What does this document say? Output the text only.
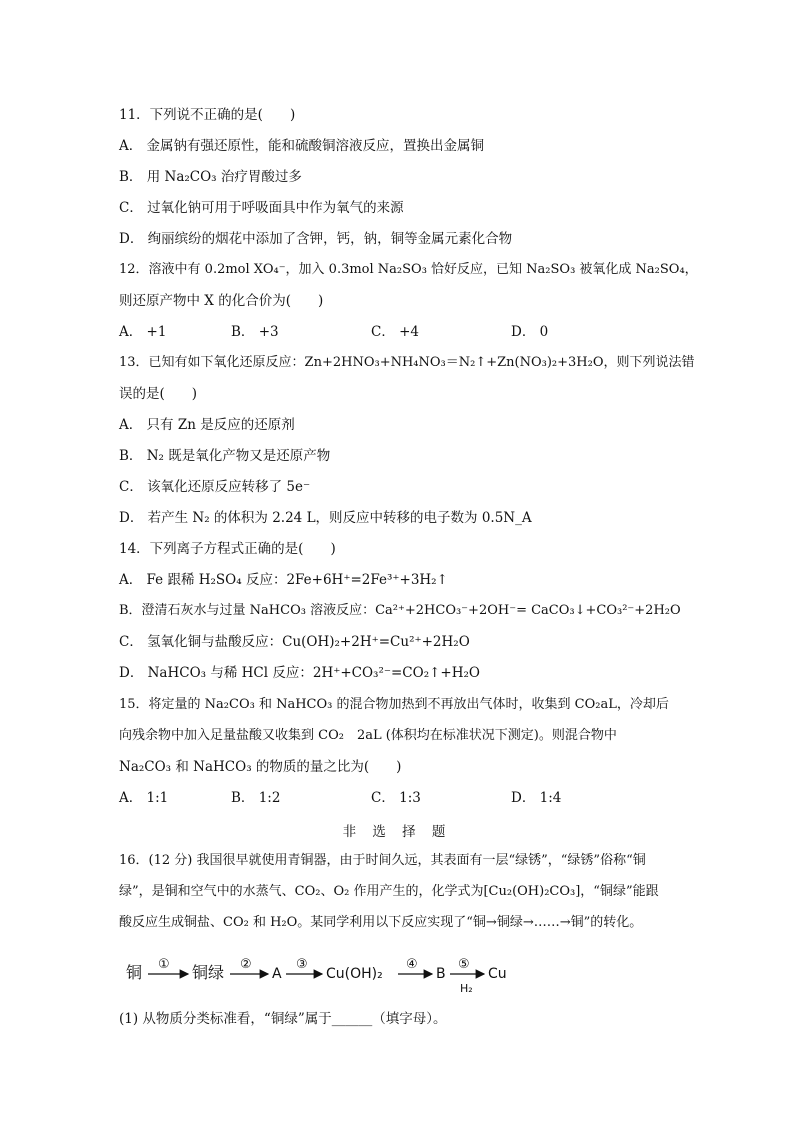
11．下列说不正确的是(　　)
A． 金属钠有强还原性，能和硫酸铜溶液反应，置换出金属铜
B． 用 Na₂CO₃ 治疗胃酸过多
C． 过氧化钠可用于呼吸面具中作为氧气的来源
D． 绚丽缤纷的烟花中添加了含钾，钙，钠，铜等金属元素化合物
12．溶液中有 0.2mol XO₄⁻，加入 0.3mol Na₂SO₃ 恰好反应，已知 Na₂SO₃ 被氧化成 Na₂SO₄，
则还原产物中 X 的化合价为(　　)
A． +1	B． +3	C． +4	D． 0
13．已知有如下氧化还原反应：Zn+2HNO₃+NH₄NO₃＝N₂↑+Zn(NO₃)₂+3H₂O，则下列说法错
误的是(　　)
A． 只有 Zn 是反应的还原剂
B． N₂ 既是氧化产物又是还原产物
C． 该氧化还原反应转移了 5e⁻
D． 若产生 N₂ 的体积为 2.24 L，则反应中转移的电子数为 0.5N_A
14．下列离子方程式正确的是(　　)
A． Fe 跟稀 H₂SO₄ 反应：2Fe+6H⁺=2Fe³⁺+3H₂↑
B．澄清石灰水与过量 NaHCO₃ 溶液反应：Ca²⁺+2HCO₃⁻+2OH⁻= CaCO₃↓+CO₃²⁻+2H₂O
C． 氢氧化铜与盐酸反应：Cu(OH)₂+2H⁺=Cu²⁺+2H₂O
D． NaHCO₃ 与稀 HCl 反应：2H⁺+CO₃²⁻=CO₂↑+H₂O
15．将定量的 Na₂CO₃ 和 NaHCO₃ 的混合物加热到不再放出气体时，收集到 CO₂aL，冷却后
向残余物中加入足量盐酸又收集到 CO₂　2aL (体积均在标准状况下测定)。则混合物中
Na₂CO₃ 和 NaHCO₃ 的物质的量之比为(　　)
A． 1:1	B． 1:2	C． 1:3	D． 1:4
非 选 择 题
16．(12 分) 我国很早就使用青铜器，由于时间久远，其表面有一层“绿锈”，“绿锈”俗称“铜
绿”，是铜和空气中的水蒸气、CO₂、O₂ 作用产生的，化学式为[Cu₂(OH)₂CO₃]，“铜绿”能跟
酸反应生成铜盐、CO₂ 和 H₂O。某同学利用以下反应实现了“铜→铜绿→……→铜”的转化。
铜 ① 铜绿 ②
A
③
Cu(OH)₂
④
B
⑤
H₂
Cu
(1) 从物质分类标准看，“铜绿”属于______（填字母）。
